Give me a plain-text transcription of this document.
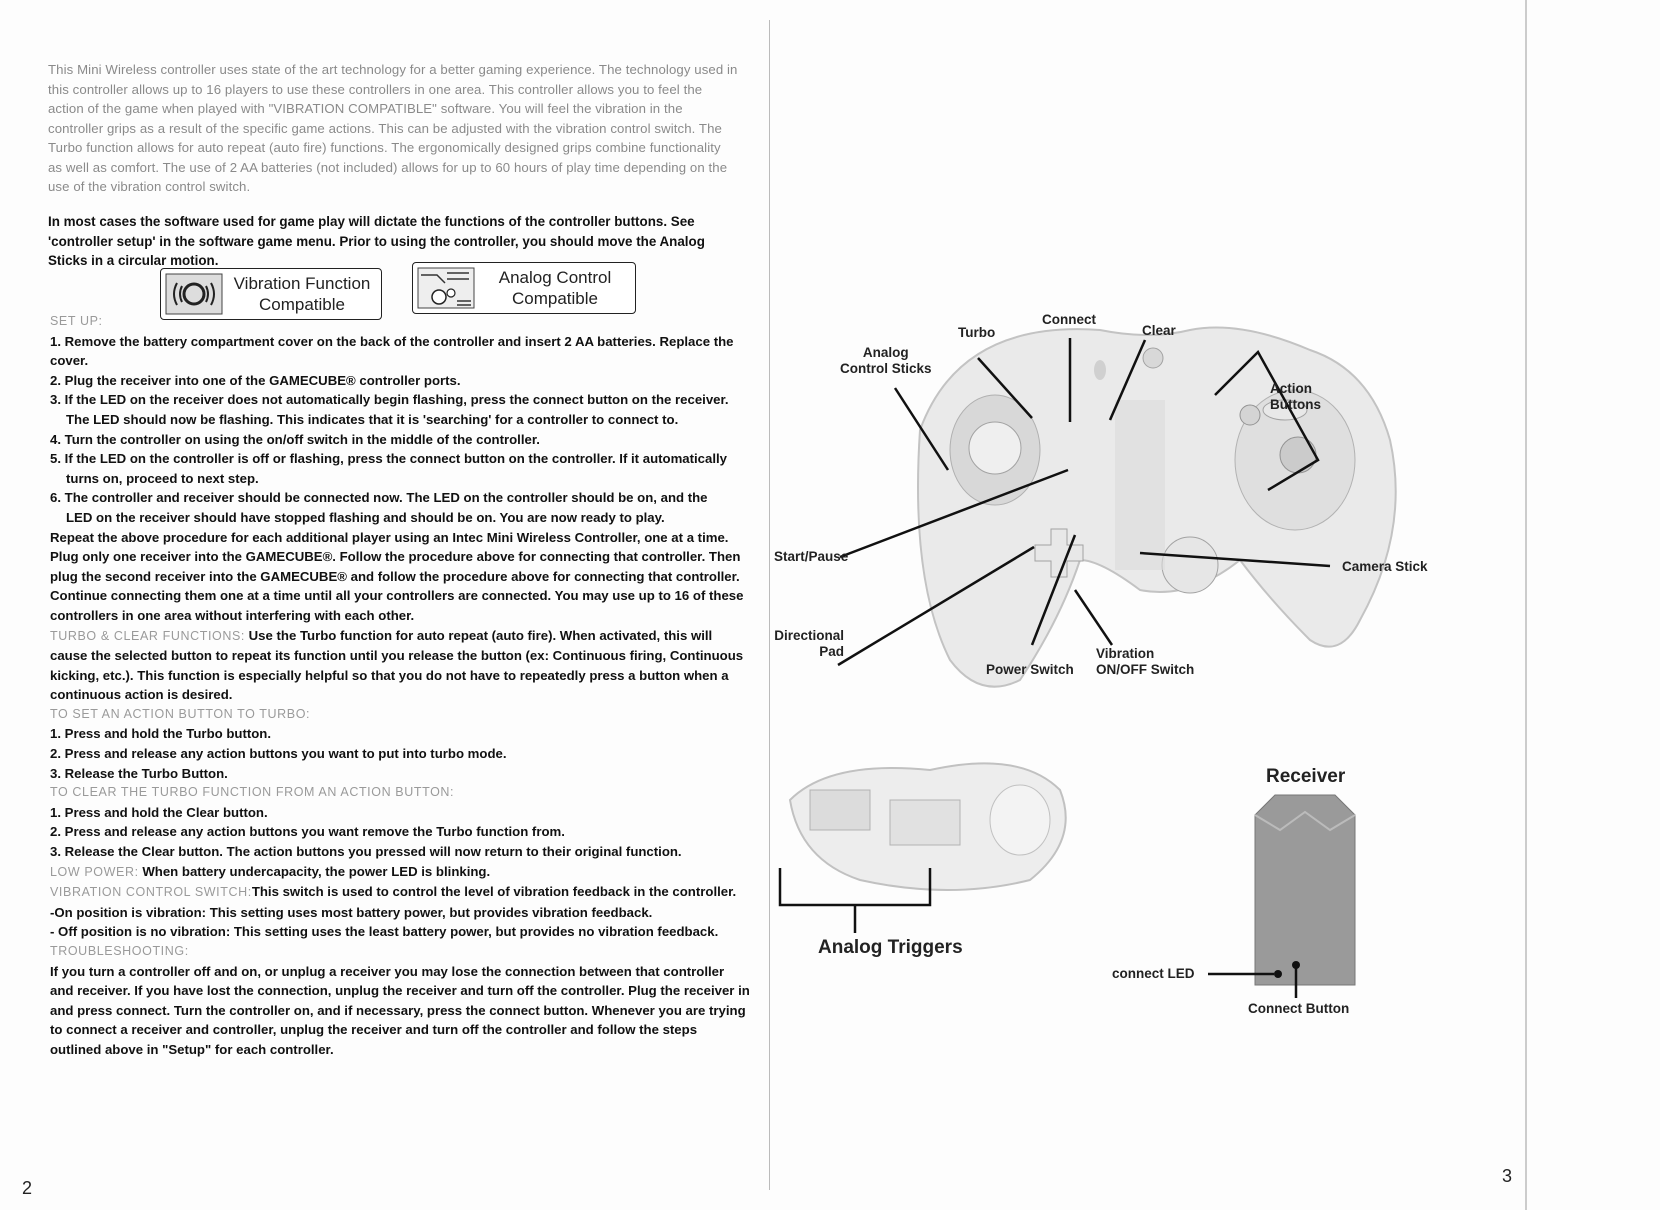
This Mini Wireless controller uses state of the art technology for a better gaming experience. The technology used in this controller allows up to 16 players to use these controllers in one area. This controller allows you to feel the action of the game when played with "VIBRATION COMPATIBLE" software. You will feel the vibration in the controller grips as a result of the specific game actions. This can be adjusted with the vibration control switch. The Turbo function allows for auto repeat (auto fire) functions. The ergonomically designed grips combine functionality as well as comfort. The use of 2 AA batteries (not included) allows for up to 60 hours of play time depending on the use of the vibration control switch.
In most cases the software used for game play will dictate the functions of the controller buttons. See 'controller setup' in the software game menu. Prior to using the controller, you should move the Analog Sticks in a circular motion.
Vibration Function
Compatible
Analog Control
Compatible

SET UP:

1. Remove the battery compartment cover on the back of the controller and insert 2 AA batteries. Replace the cover.

2. Plug the receiver into one of the GAMECUBE® controller ports.

3. If the LED on the receiver does not automatically begin flashing, press the connect button on the receiver.

The LED should now be flashing. This indicates that it is 'searching' for a controller to connect to.

4. Turn the controller on using the on/off switch in the middle of the controller.

5. If the LED on the controller is off or flashing, press the connect button on the controller. If it automatically

turns on, proceed to next step.

6. The controller and receiver should be connected now. The LED on the controller should be on, and the

LED on the receiver should have stopped flashing and should be on. You are now ready to play.

Repeat the above procedure for each additional player using an Intec Mini Wireless Controller, one at a time. Plug only one receiver into the GAMECUBE®. Follow the procedure above for connecting that controller. Then plug the second receiver into the GAMECUBE® and follow the procedure above for connecting that controller. Continue connecting them one at a time until all your controllers are connected. You may use up to 16 of these controllers in one area without interfering with each other.

TURBO & CLEAR FUNCTIONS: Use the Turbo function for auto repeat (auto fire). When activated, this will cause the selected button to repeat its function until you release the button (ex: Continuous firing, Continuous kicking, etc.). This function is especially helpful so that you do not have to repeatedly press a button when a continuous action is desired.

TO SET AN ACTION BUTTON TO TURBO:

1. Press and hold the Turbo button.

2. Press and release any action buttons you want to put into turbo mode.

3. Release the Turbo Button.

TO CLEAR THE TURBO FUNCTION FROM AN ACTION BUTTON:

1. Press and hold the Clear button.

2. Press and release any action buttons you want remove the Turbo function from.

3. Release the Clear button. The action buttons you pressed will now return to their original function.

LOW POWER: When battery undercapacity, the power LED is blinking.

VIBRATION CONTROL SWITCH:This switch is used to control the level of vibration feedback in the controller.

-On position is vibration: This setting uses most battery power, but provides vibration feedback.

- Off position is no vibration: This setting uses the least battery power, but provides no vibration feedback.

TROUBLESHOOTING:

If you turn a controller off and on, or unplug a receiver you may lose the connection between that controller and receiver. If you have lost the connection, unplug the receiver and turn off the controller. Plug the receiver in and press connect. Turn the controller on, and if necessary, press the connect button. Whenever you are trying to connect a receiver and controller, unplug the receiver and turn off the controller and follow the steps outlined above in "Setup" for each controller.

2
Analog
Control Sticks
Turbo
Connect
Clear
Action
Buttons
Start/Pause
Camera Stick
Directional
Pad
Power Switch
Vibration
ON/OFF Switch
Analog Triggers
Receiver
connect LED
Connect Button
3
